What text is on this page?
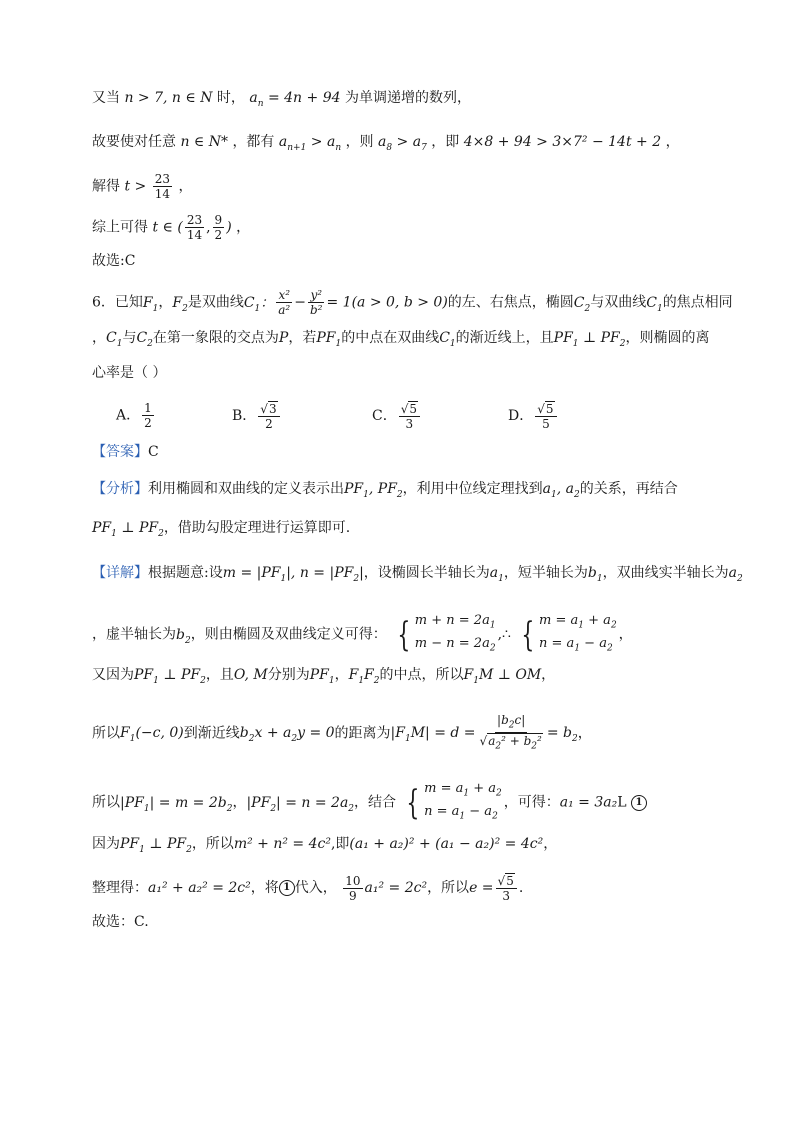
又当 n > 7, n ∈ N 时， $a_n = 4n + 94$ 为单调递增的数列，
故要使对任意 n ∈ N* ，都有 $a_{n+1} > a_n$ ，则 $a_8 > a_7$ ，即 4×8 + 94 > 3×7² − 14t + 2 ，
解得 $t > \frac{23}{14}$ ，
综上可得 t ∈ ( $\frac{23}{14}$ , $\frac{9}{2}$ ) ，
故选:C
6．已知$F_1$，$F_2$是双曲线$C_1$： $\frac{\text{x²}}{\text{a²}} - \frac{\text{y²}}{\text{b²}} = 1(a > 0$, b > 0)的左、右焦点，椭圆$C_2$与双曲线$C_1$的焦点相同
，$C_1$与$C_2$在第一象限的交点为P，若$PF_1$的中点在双曲线$C_1$的渐近线上，且$PF_1$ ⊥ $PF_2$，则椭圆的离
心率是（ ）
A． $\frac{1}{2}$	B． $\frac{√3}{2}$	C． $\frac{√5}{3}$	D． $\frac{√5}{5}$
【答案】C
【分析】利用椭圆和双曲线的定义表示出$PF_1$, $PF_2$，利用中位线定理找到$a_1$, $a_2$的关系，再结合
$PF_1$ ⊥ $PF_2$，借助勾股定理进行运算即可.
【详解】根据题意:设$m = |PF_1|$, $n = |PF_2|$，设椭圆长半轴长为$a_1$，短半轴长为$b_1$，双曲线实半轴长为$a_2$
，虚半轴长为$b_2$，则由椭圆及双曲线定义可得： { $m + n = 2a_1$
$m - n = 2a_2$
,∴ { $m = a_1 + a_2$
$n = a_1 - a_2$
，
又因为$PF_1$ ⊥ $PF_2$，且O, M分别为$PF_1$，$F_1F_2$的中点，所以$F_1M$ ⊥ OM，
所以$F_1(-c$, 0)到渐近线$b_2x + a_2y = 0$的距离为$|F_1M| = d = \frac{|b_2c|}{√a_2^2 + b_2^2} = b_2$，
所以$|PF_1| = m = 2b_2$，$|PF_2| = n = 2a_2$，结合 { $m = a_1 + a_2$
$n = a_1 - a_2$
，可得：a₁ = 3a₂L 1
因为$PF_1$ ⊥ $PF_2$，所以m² + n² = 4c²,即(a₁ + a₂)² + (a₁ − a₂)² = 4c²，
整理得：a₁² + a₂² = 2c²，将 1 代入， $\frac{10}{9} a_1^2 = 2c^2$，所以$e = \frac{√5}{3}$ .
故选：C.
